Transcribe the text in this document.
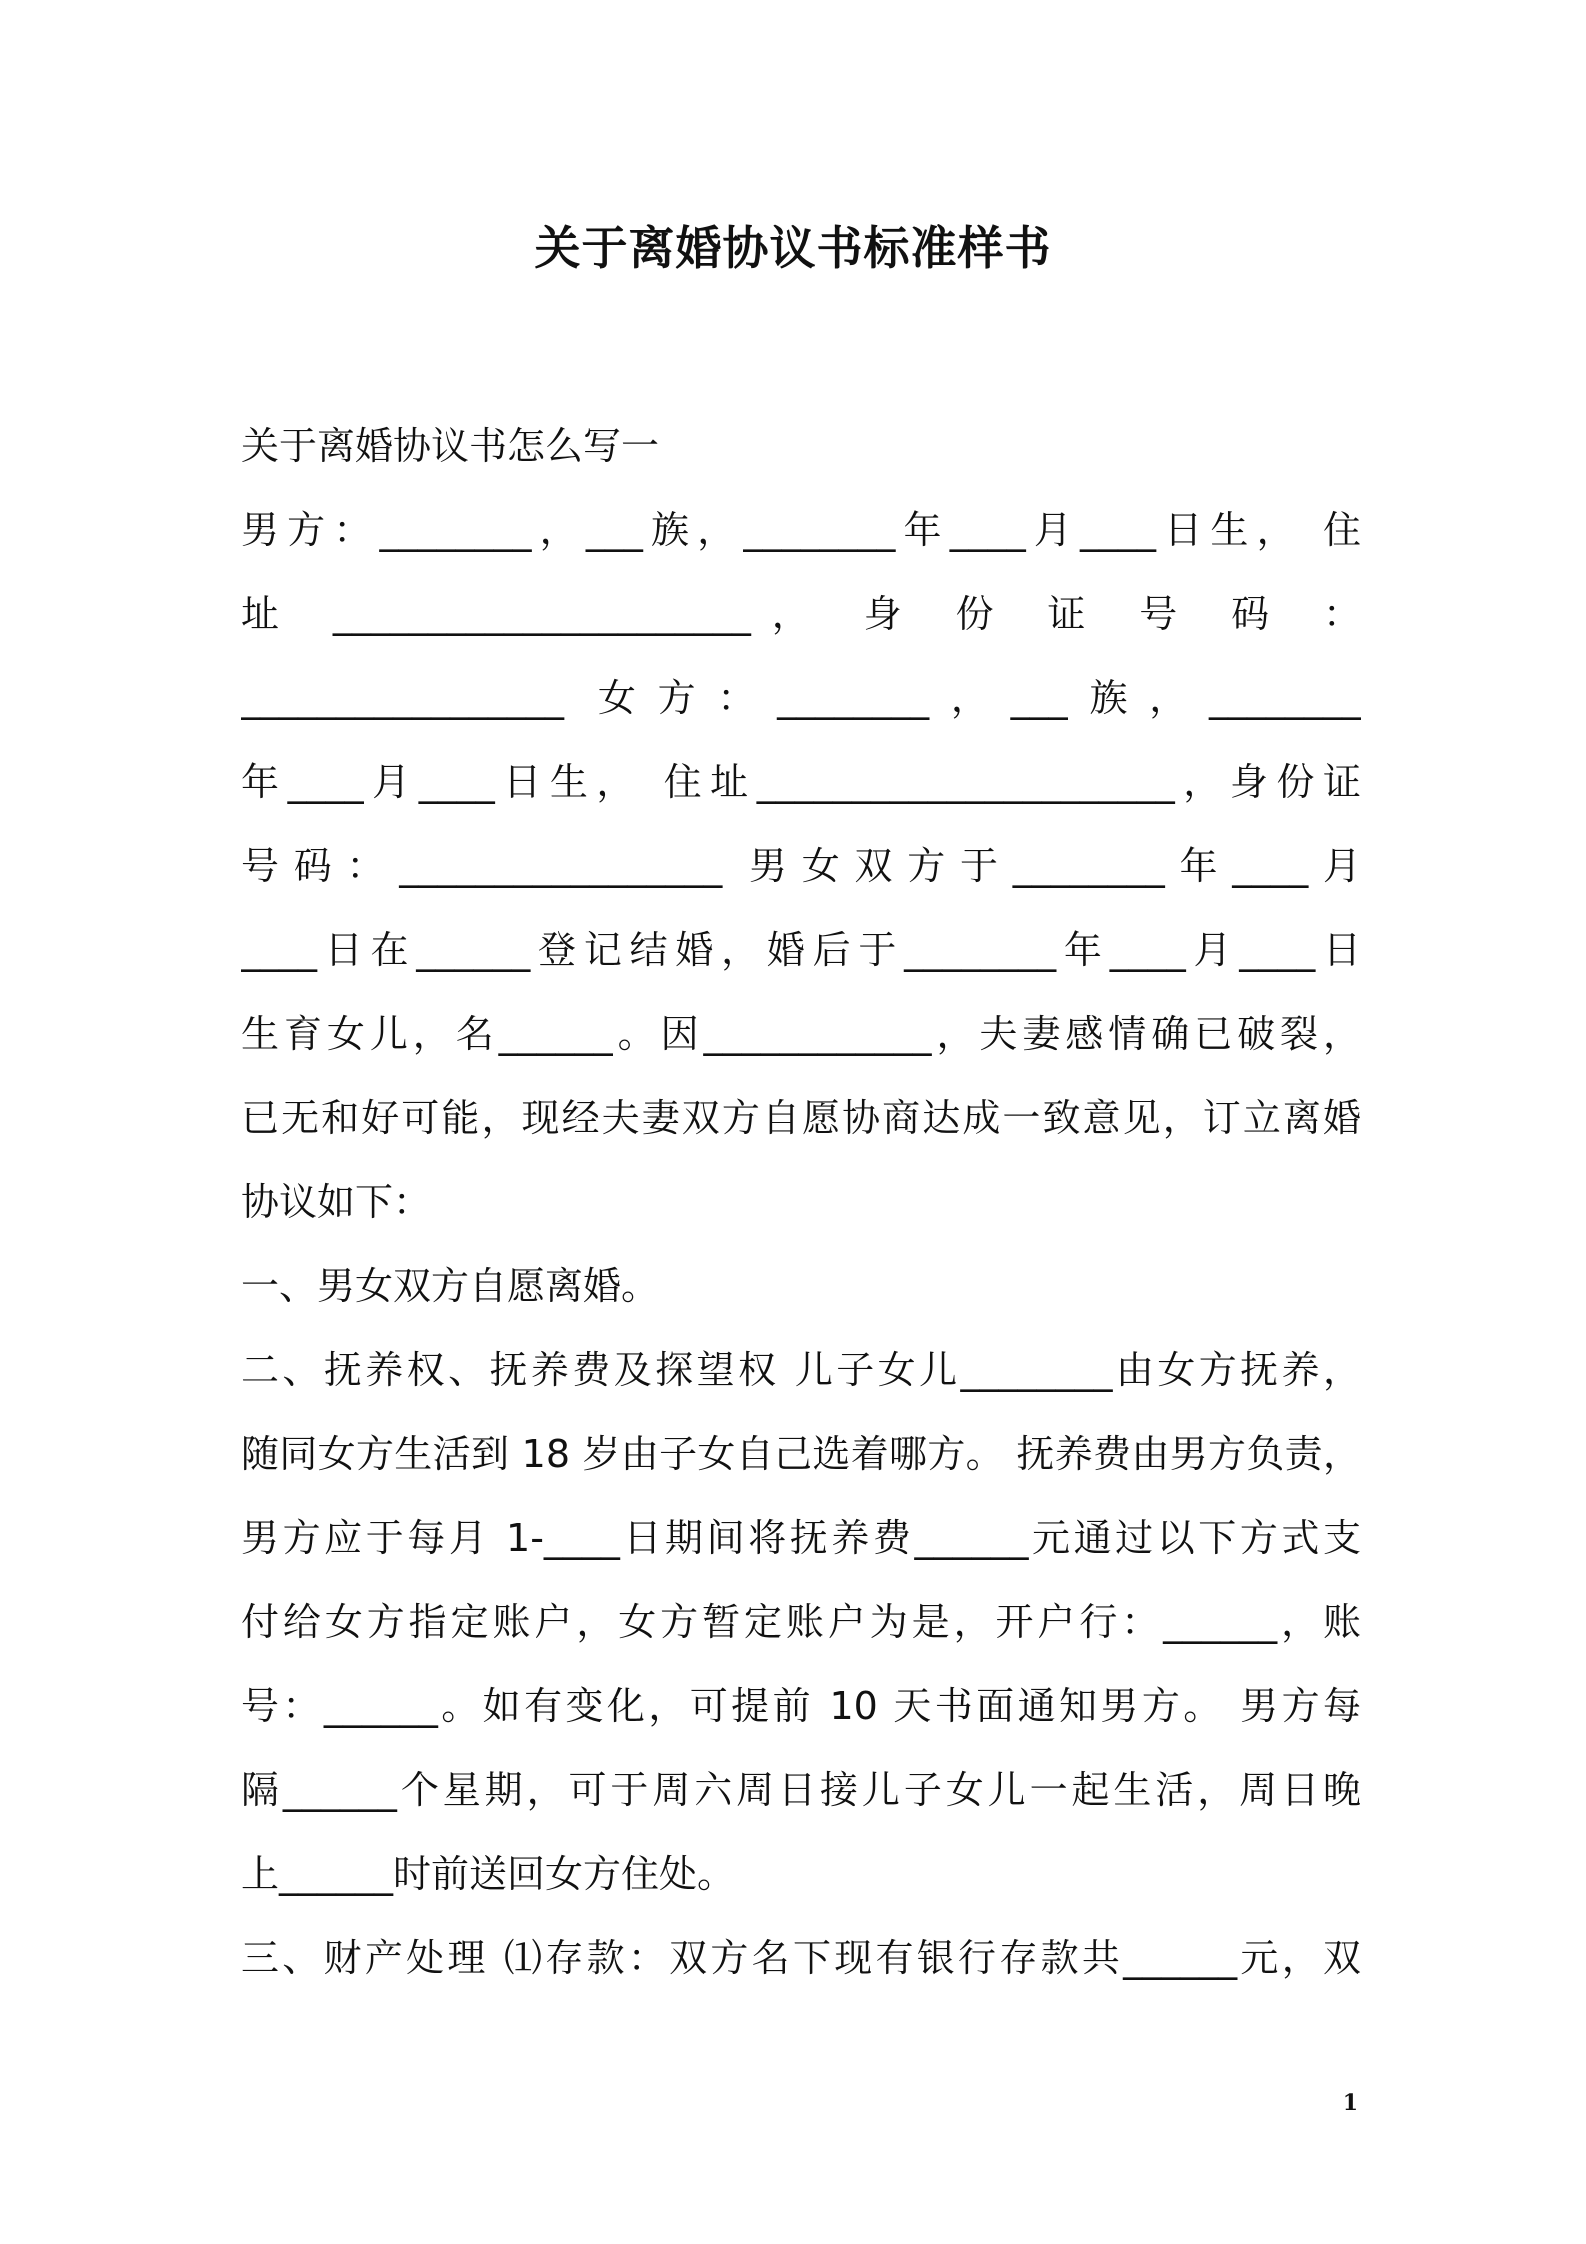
关于离婚协议书标准样书
关于离婚协议书怎么写一
男方：________，___族，________年____月____日生， 住
址 ______________________， 身 份 证 号 码 ：
_________________ 女方：________，___族，________
年____月____日生， 住址______________________，身份证
号码：_________________ 男女双方于________年____月
____日在______登记结婚，婚后于________年____月____日
生育女儿，名______。因____________，夫妻感情确已破裂，
已无和好可能，现经夫妻双方自愿协商达成一致意见，订立离婚
协议如下：
一、男女双方自愿离婚。
二、抚养权、抚养费及探望权 儿子女儿________由女方抚养，
随同女方生活到 18 岁由子女自己选着哪方。 抚养费由男方负责，
男方应于每月 1-____日期间将抚养费______元通过以下方式支
付给女方指定账户，女方暂定账户为是，开户行：______，账
号：______。如有变化，可提前 10 天书面通知男方。 男方每
隔______个星期，可于周六周日接儿子女儿一起生活，周日晚
上______时前送回女方住处。
三、财产处理 ⑴存款：双方名下现有银行存款共______元，双
1
